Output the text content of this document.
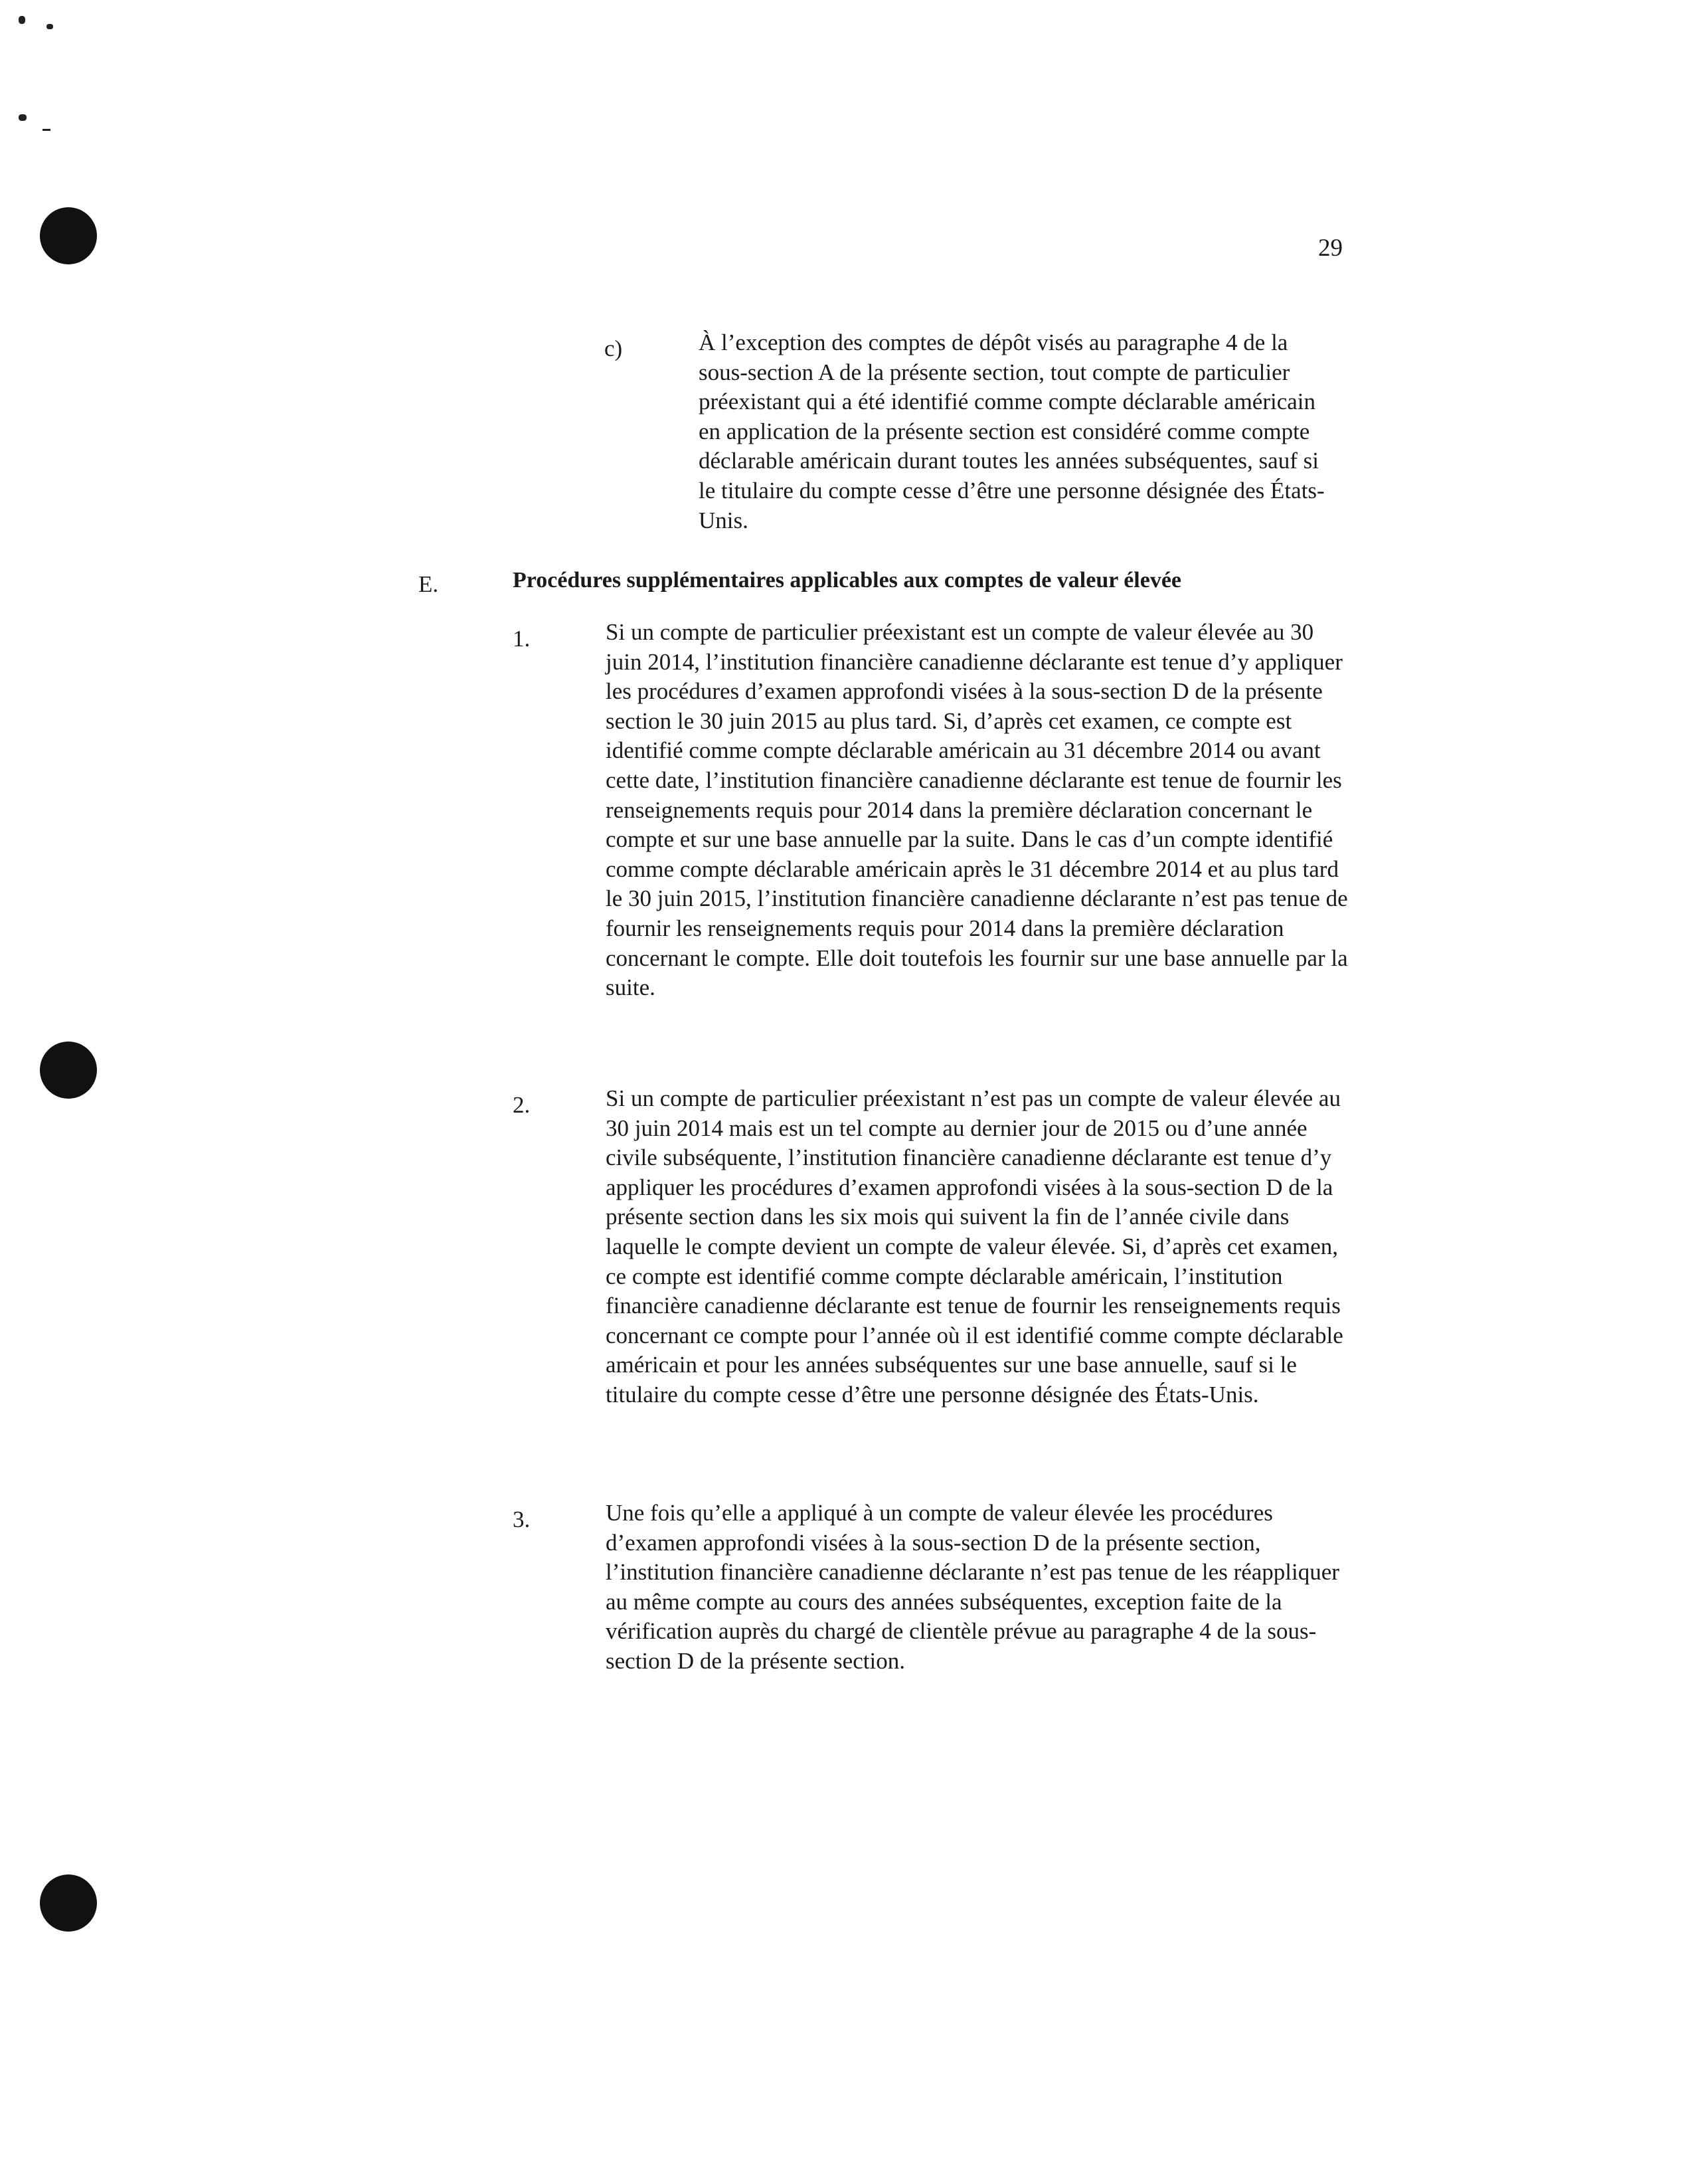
29
c)	À l’exception des comptes de dépôt visés au paragraphe 4 de la sous-section A de la présente section, tout compte de particulier préexistant qui a été identifié comme compte déclarable américain en application de la présente section est considéré comme compte déclarable américain durant toutes les années subséquentes, sauf si le titulaire du compte cesse d’être une personne désignée des États-Unis.

E.	Procédures supplémentaires applicables aux comptes de valeur élevée

1.	Si un compte de particulier préexistant est un compte de valeur élevée au 30 juin 2014, l’institution financière canadienne déclarante est tenue d’y appliquer les procédures d’examen approfondi visées à la sous-section D de la présente section le 30 juin 2015 au plus tard. Si, d’après cet examen, ce compte est identifié comme compte déclarable américain au 31 décembre 2014 ou avant cette date, l’institution financière canadienne déclarante est tenue de fournir les renseignements requis pour 2014 dans la première déclaration concernant le compte et sur une base annuelle par la suite. Dans le cas d’un compte identifié comme compte déclarable américain après le 31 décembre 2014 et au plus tard le 30 juin 2015, l’institution financière canadienne déclarante n’est pas tenue de fournir les renseignements requis pour 2014 dans la première déclaration concernant le compte. Elle doit toutefois les fournir sur une base annuelle par la suite.

2.	Si un compte de particulier préexistant n’est pas un compte de valeur élevée au 30 juin 2014 mais est un tel compte au dernier jour de 2015 ou d’une année civile subséquente, l’institution financière canadienne déclarante est tenue d’y appliquer les procédures d’examen approfondi visées à la sous-section D de la présente section dans les six mois qui suivent la fin de l’année civile dans laquelle le compte devient un compte de valeur élevée. Si, d’après cet examen, ce compte est identifié comme compte déclarable américain, l’institution financière canadienne déclarante est tenue de fournir les renseignements requis concernant ce compte pour l’année où il est identifié comme compte déclarable américain et pour les années subséquentes sur une base annuelle, sauf si le titulaire du compte cesse d’être une personne désignée des États-Unis.

3.	Une fois qu’elle a appliqué à un compte de valeur élevée les procédures d’examen approfondi visées à la sous-section D de la présente section, l’institution financière canadienne déclarante n’est pas tenue de les réappliquer au même compte au cours des années subséquentes, exception faite de la vérification auprès du chargé de clientèle prévue au paragraphe 4 de la sous-section D de la présente section.
